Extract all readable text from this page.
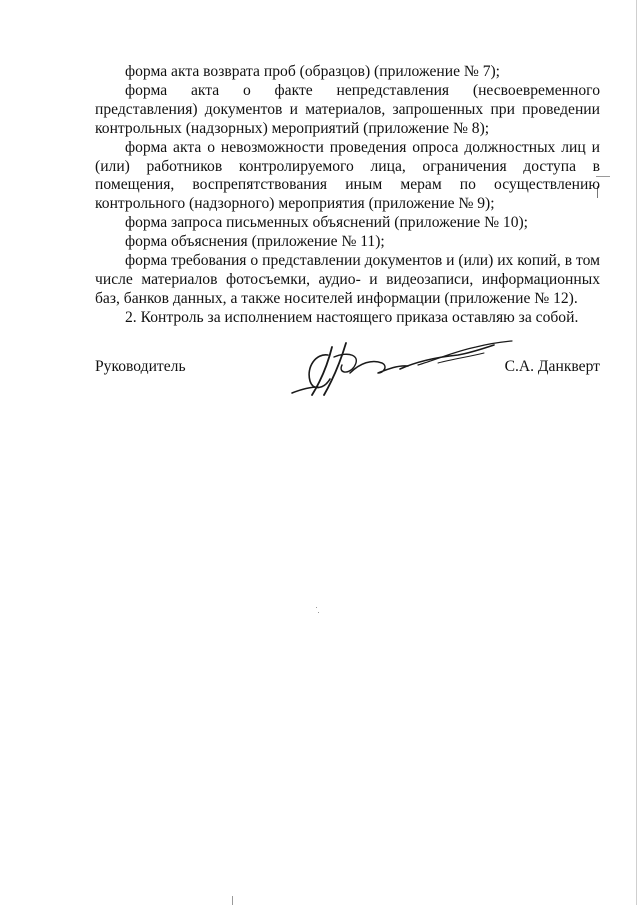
форма акта возврата проб (образцов) (приложение № 7);
форма акта о факте непредставления (несвоевременного представления) документов и материалов, запрошенных при проведении контрольных (надзорных) мероприятий (приложение № 8);
форма акта о невозможности проведения опроса должностных лиц и (или) работников контролируемого лица, ограничения доступа в помещения, воспрепятствования иным мерам по осуществлению контрольного (надзорного) мероприятия (приложение № 9);
форма запроса письменных объяснений (приложение № 10);
форма объяснения (приложение № 11);
форма требования о представлении документов и (или) их копий, в том числе материалов фотосъемки, аудио- и видеозаписи, информационных баз, банков данных, а также носителей информации (приложение № 12).
2. Контроль за исполнением настоящего приказа оставляю за собой.
Руководитель	С.А. Данкверт
